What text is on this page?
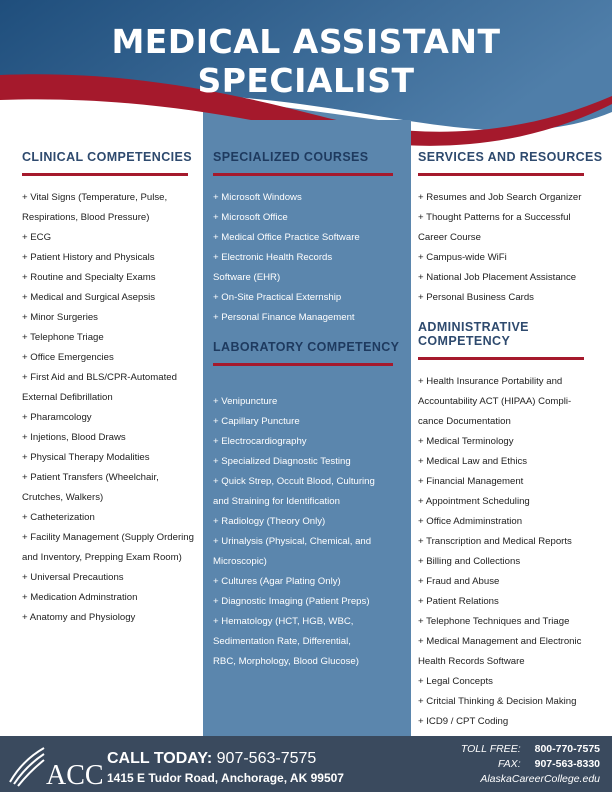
MEDICAL ASSISTANT SPECIALIST
CLINICAL COMPETENCIES
+ Vital Signs (Temperature, Pulse,
Respirations, Blood Pressure)
+ ECG
+ Patient History and Physicals
+ Routine and Specialty Exams
+ Medical and Surgical Asepsis
+ Minor Surgeries
+ Telephone Triage
+ Office Emergencies
+ First Aid and BLS/CPR-Automated
External Defibrillation
+ Pharamcology
+ Injetions, Blood Draws
+ Physical Therapy Modalities
+ Patient Transfers (Wheelchair,
Crutches, Walkers)
+ Catheterization
+ Facility Management (Supply Ordering
and Inventory, Prepping Exam Room)
+ Universal Precautions
+ Medication Adminstration
+ Anatomy and Physiology
SPECIALIZED COURSES
+ Microsoft Windows
+ Microsoft Office
+ Medical Office Practice Software
+ Electronic Health Records
Software (EHR)
+ On-Site Practical Externship
+ Personal Finance Management
LABORATORY COMPETENCY
+ Venipuncture
+ Capillary Puncture
+ Electrocardiography
+ Specialized Diagnostic Testing
+ Quick Strep, Occult Blood, Culturing
and Straining for Identification
+ Radiology (Theory Only)
+ Urinalysis (Physical, Chemical, and
Microscopic)
+ Cultures (Agar Plating Only)
+ Diagnostic Imaging (Patient Preps)
+ Hematology (HCT, HGB, WBC,
Sedimentation Rate, Differential,
RBC, Morphology, Blood Glucose)
SERVICES AND RESOURCES
+ Resumes and Job Search Organizer
+ Thought Patterns for a Successful
Career Course
+ Campus-wide WiFi
+ National Job Placement Assistance
+ Personal Business Cards
ADMINISTRATIVE COMPETENCY
+ Health Insurance Portability and
Accountability ACT (HIPAA) Compli-
cance Documentation
+ Medical Terminology
+ Medical Law and Ethics
+ Financial Management
+ Appointment Scheduling
+ Office Admiminstration
+ Transcription and Medical Reports
+ Billing and Collections
+ Fraud and Abuse
+ Patient Relations
+ Telephone Techniques and Triage
+ Medical Management and Electronic
Health Records Software
+ Legal Concepts
+ Critcial Thinking & Decision Making
+ ICD9 / CPT Coding
ACC
CALL TODAY: 907-563-7575
1415 E Tudor Road, Anchorage, AK 99507
TOLL FREE: 800-770-7575
FAX: 907-563-8330
AlaskaCareerCollege.edu
